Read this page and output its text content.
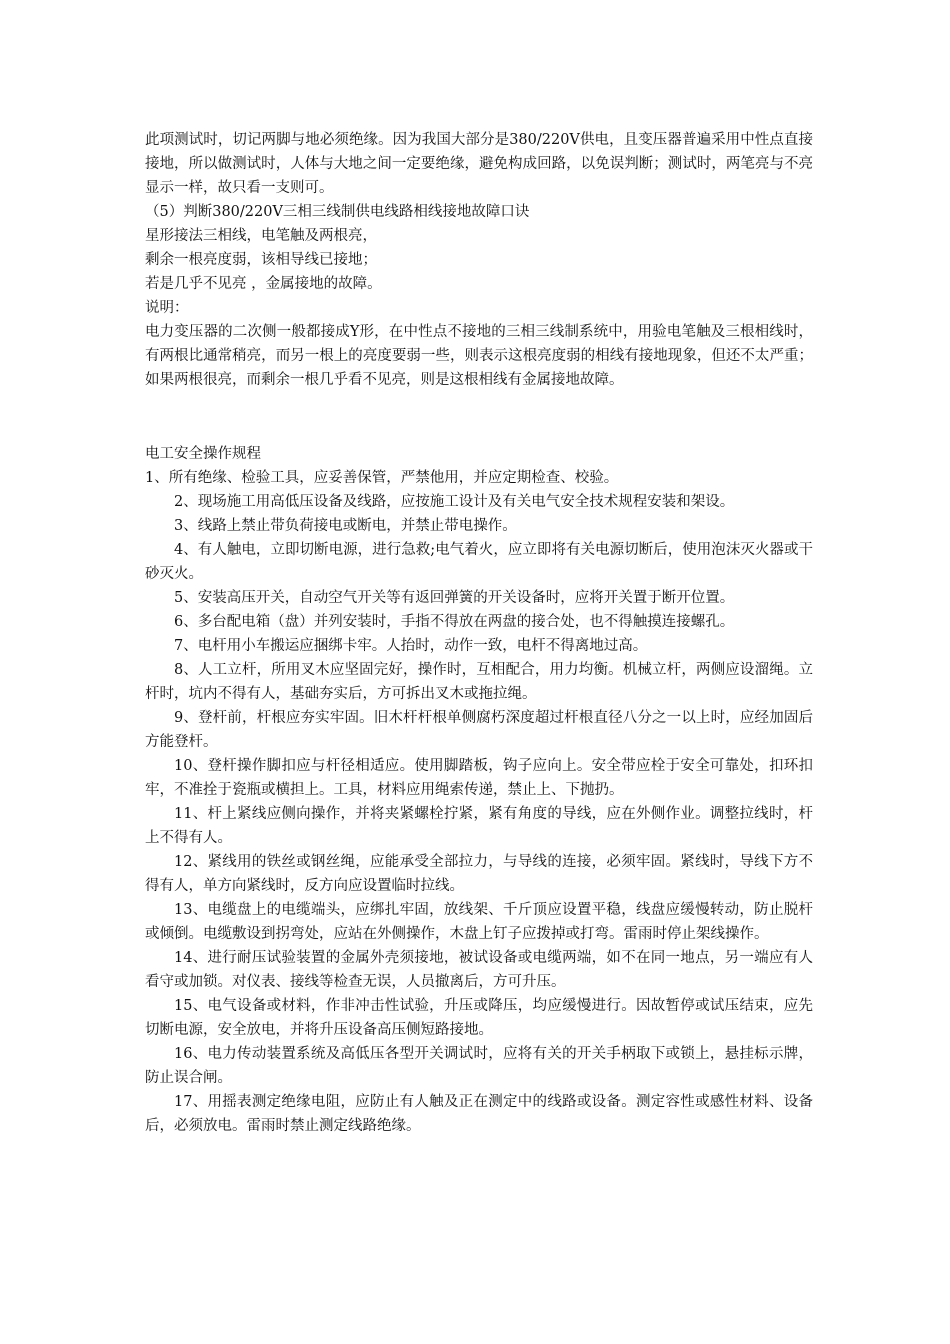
此项测试时，切记两脚与地必须绝缘。因为我国大部分是380/220V供电，且变压器普遍采用中性点直接接地，所以做测试时，人体与大地之间一定要绝缘，避免构成回路，以免误判断；测试时，两笔亮与不亮显示一样，故只看一支则可。

（5）判断380/220V三相三线制供电线路相线接地故障口诀

星形接法三相线，电笔触及两根亮，

剩余一根亮度弱，该相导线已接地；

若是几乎不见亮 ，金属接地的故障。

说明：

电力变压器的二次侧一般都接成Y形，在中性点不接地的三相三线制系统中，用验电笔触及三根相线时，有两根比通常稍亮，而另一根上的亮度要弱一些，则表示这根亮度弱的相线有接地现象，但还不太严重；如果两根很亮，而剩余一根几乎看不见亮，则是这根相线有金属接地故障。

电工安全操作规程

1、所有绝缘、检验工具，应妥善保管，严禁他用，并应定期检查、校验。

2、现场施工用高低压设备及线路，应按施工设计及有关电气安全技术规程安装和架设。

3、线路上禁止带负荷接电或断电，并禁止带电操作。

4、有人触电，立即切断电源，进行急救;电气着火，应立即将有关电源切断后，使用泡沫灭火器或干砂灭火。

5、安装高压开关，自动空气开关等有返回弹簧的开关设备时，应将开关置于断开位置。

6、多台配电箱（盘）并列安装时，手指不得放在两盘的接合处，也不得触摸连接螺孔。

7、电杆用小车搬运应捆绑卡牢。人抬时，动作一致，电杆不得离地过高。

8、人工立杆，所用叉木应坚固完好，操作时，互相配合，用力均衡。机械立杆，两侧应设溜绳。立杆时，坑内不得有人，基础夯实后，方可拆出叉木或拖拉绳。

9、登杆前，杆根应夯实牢固。旧木杆杆根单侧腐朽深度超过杆根直径八分之一以上时，应经加固后方能登杆。

10、登杆操作脚扣应与杆径相适应。使用脚踏板，钩子应向上。安全带应栓于安全可靠处，扣环扣牢，不准拴于瓷瓶或横担上。工具，材料应用绳索传递，禁止上、下抛扔。

11、杆上紧线应侧向操作，并将夹紧螺栓拧紧，紧有角度的导线，应在外侧作业。调整拉线时，杆上不得有人。

12、紧线用的铁丝或钢丝绳，应能承受全部拉力，与导线的连接，必须牢固。紧线时，导线下方不得有人，单方向紧线时，反方向应设置临时拉线。

13、电缆盘上的电缆端头，应绑扎牢固，放线架、千斤顶应设置平稳，线盘应缓慢转动，防止脱杆或倾倒。电缆敷设到拐弯处，应站在外侧操作，木盘上钉子应拨掉或打弯。雷雨时停止架线操作。

14、进行耐压试验装置的金属外壳须接地，被试设备或电缆两端，如不在同一地点，另一端应有人看守或加锁。对仪表、接线等检查无误，人员撤离后，方可升压。

15、电气设备或材料，作非冲击性试验，升压或降压，均应缓慢进行。因故暂停或试压结束，应先切断电源，安全放电，并将升压设备高压侧短路接地。

16、电力传动装置系统及高低压各型开关调试时，应将有关的开关手柄取下或锁上，悬挂标示牌，防止误合闸。

17、用摇表测定绝缘电阻，应防止有人触及正在测定中的线路或设备。测定容性或感性材料、设备后，必须放电。雷雨时禁止测定线路绝缘。
